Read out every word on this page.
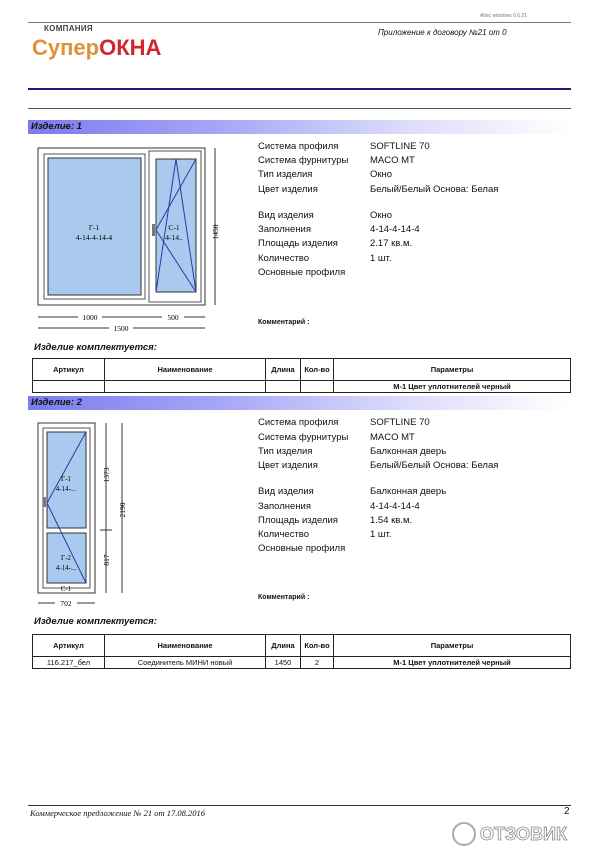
Altec windows 6.6.21
КОМПАНИЯ
СуперОКНА
Приложение к договору №21 от 0
Изделие: 1
Г-1
4-14-4-14-4
С-1
4-14..	1450
1000	500
1500
Система профиля	SOFTLINE 70
Система фурнитуры MACO MT
Тип изделия	Окно
Цвет изделия	Белый/Белый Основа: Белая
Вид изделия	Окно
Заполнения	4-14-4-14-4
Площадь изделия	2.17 кв.м.
Количество	1 шт.
Основные профиля
Комментарий :
Изделие комплектуется:
Артикул	Наименование	Длина	Кол-во	Параметры
				М-1 Цвет уплотнителей черный
Изделие: 2
Г-1
4-14-...
Г-2
4-14-...
С-1
1373
817
2190
702
Система профиля	SOFTLINE 70
Система фурнитуры MACO MT
Тип изделия	Балконная дверь
Цвет изделия	Белый/Белый Основа: Белая
Вид изделия	Балконная дверь
Заполнения	4-14-4-14-4
Площадь изделия	1.54 кв.м.
Количество	1 шт.
Основные профиля
Комментарий :
Изделие комплектуется:
Артикул	Наименование	Длина	Кол-во	Параметры
116.217_бел	Соединитель МИНИ новый	1450	2	М-1 Цвет уплотнителей черный
Коммерческое предложение № 21 от 17.08.2016	2
ОТЗОВИК
